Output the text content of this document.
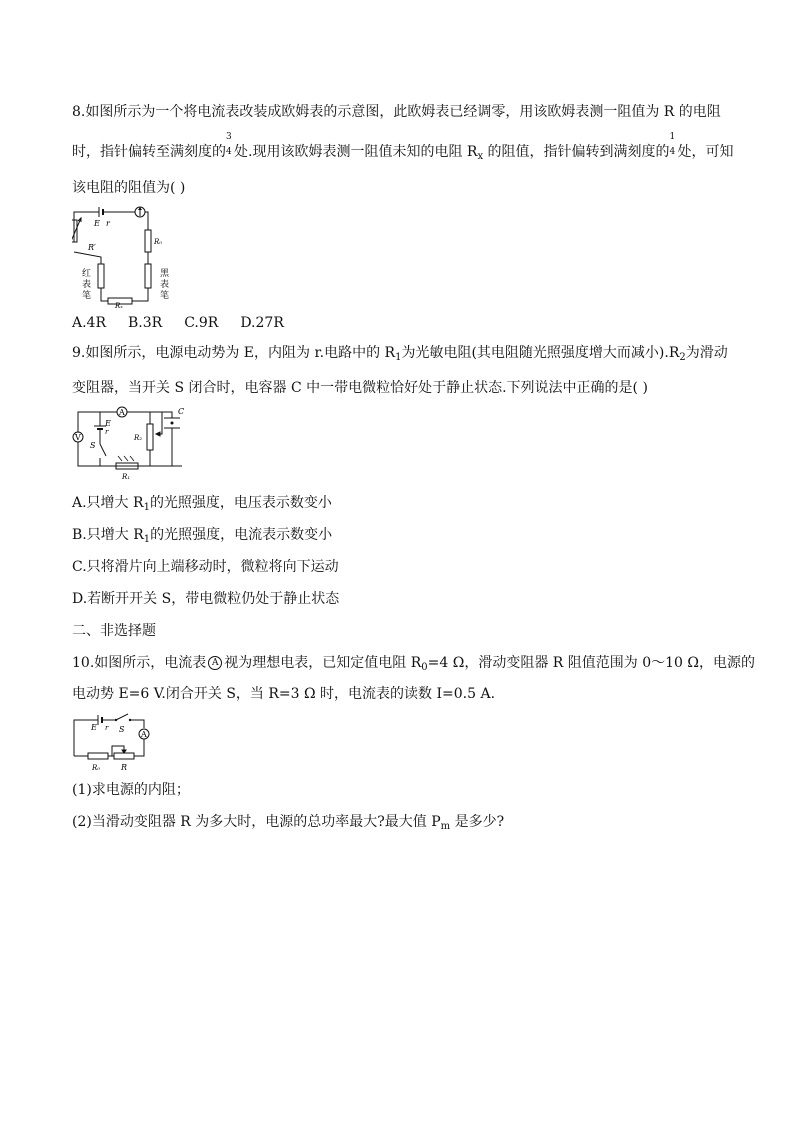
8.如图所示为一个将电流表改装成欧姆表的示意图，此欧姆表已经调零，用该欧姆表测一阻值为 R 的电阻
时，指针偏转至满刻度的
3
4 处.现用该欧姆表测一阻值未知的电阻 $R_x$ 的阻值，指针偏转到满刻度的
1
4 处，可知
该电阻的阻值为( )
E r
R′
R₀
Rₓ
红
表
笔
黑
表
笔
A.4R B.3R C.9R D.27R
9.如图所示，电源电动势为 E，内阻为 r.电路中的 $R_1$为光敏电阻(其电阻随光照强度增大而减小)$.R_2$为滑动
变阻器，当开关 S 闭合时，电容器 C 中一带电微粒恰好处于静止状态.下列说法中正确的是( )
A
V
E
r
S
R₂
R₁
C
A.只增大 $R_1$的光照强度，电压表示数变小
B.只增大 $R_1$的光照强度，电流表示数变小
C.只将滑片向上端移动时，微粒将向下运动
D.若断开开关 S，带电微粒仍处于静止状态
二、非选择题
10.如图所示，电流表 A 视为理想电表，已知定值电阻 $R_0=4$ Ω，滑动变阻器 R 阻值范围为 0～10 Ω，电源的
电动势 E=6 V.闭合开关 S，当 R=3 Ω 时，电流表的读数 I=0.5 A.
E r S
A
R₀	R
(1)求电源的内阻；
(2)当滑动变阻器 R 为多大时，电源的总功率最大?最大值 $P_m$ 是多少?
